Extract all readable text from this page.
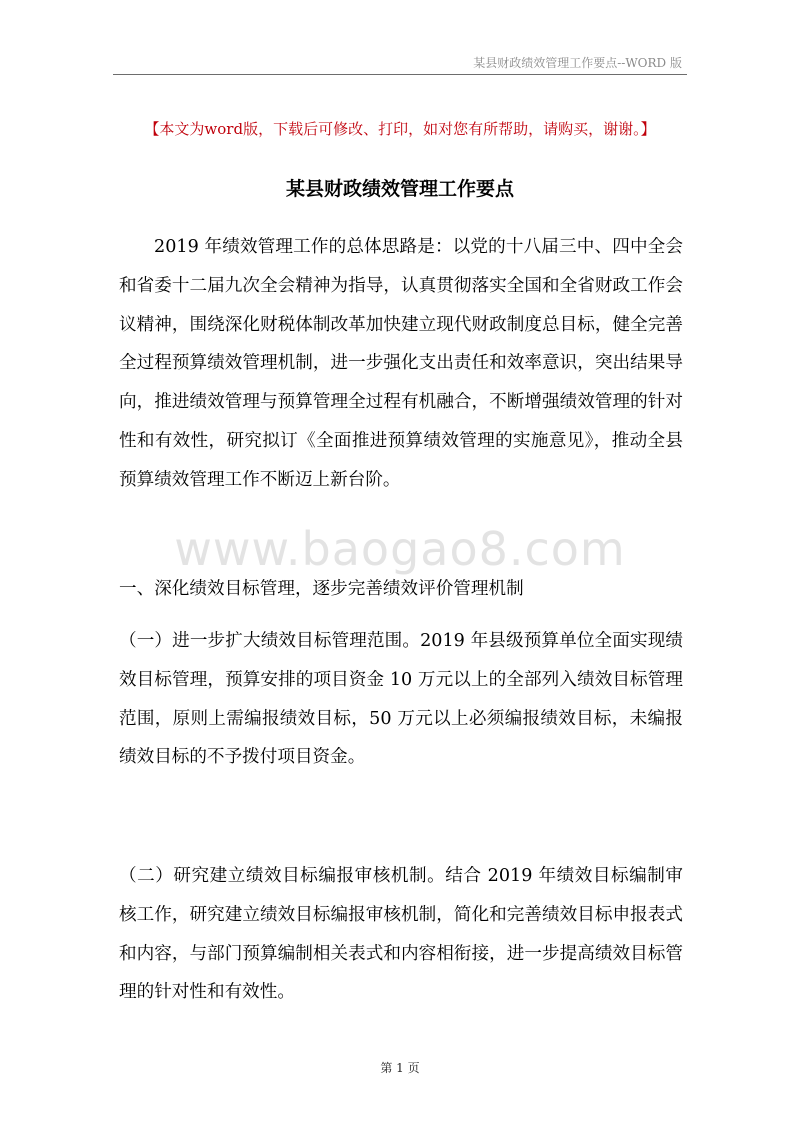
某县财政绩效管理工作要点--WORD 版
【本文为word版，下载后可修改、打印，如对您有所帮助，请购买，谢谢。】
某县财政绩效管理工作要点

2019 年绩效管理工作的总体思路是：以党的十八届三中、四中全会和省委十二届九次全会精神为指导，认真贯彻落实全国和全省财政工作会议精神，围绕深化财税体制改革加快建立现代财政制度总目标，健全完善全过程预算绩效管理机制，进一步强化支出责任和效率意识，突出结果导向，推进绩效管理与预算管理全过程有机融合，不断增强绩效管理的针对性和有效性，研究拟订《全面推进预算绩效管理的实施意见》，推动全县预算绩效管理工作不断迈上新台阶。

www.baogao8.com

一、深化绩效目标管理，逐步完善绩效评价管理机制

（一）进一步扩大绩效目标管理范围。2019 年县级预算单位全面实现绩效目标管理，预算安排的项目资金 10 万元以上的全部列入绩效目标管理范围，原则上需编报绩效目标，50 万元以上必须编报绩效目标，未编报绩效目标的不予拨付项目资金。

（二）研究建立绩效目标编报审核机制。结合 2019 年绩效目标编制审核工作，研究建立绩效目标编报审核机制，简化和完善绩效目标申报表式和内容，与部门预算编制相关表式和内容相衔接，进一步提高绩效目标管理的针对性和有效性。

第 1 页
